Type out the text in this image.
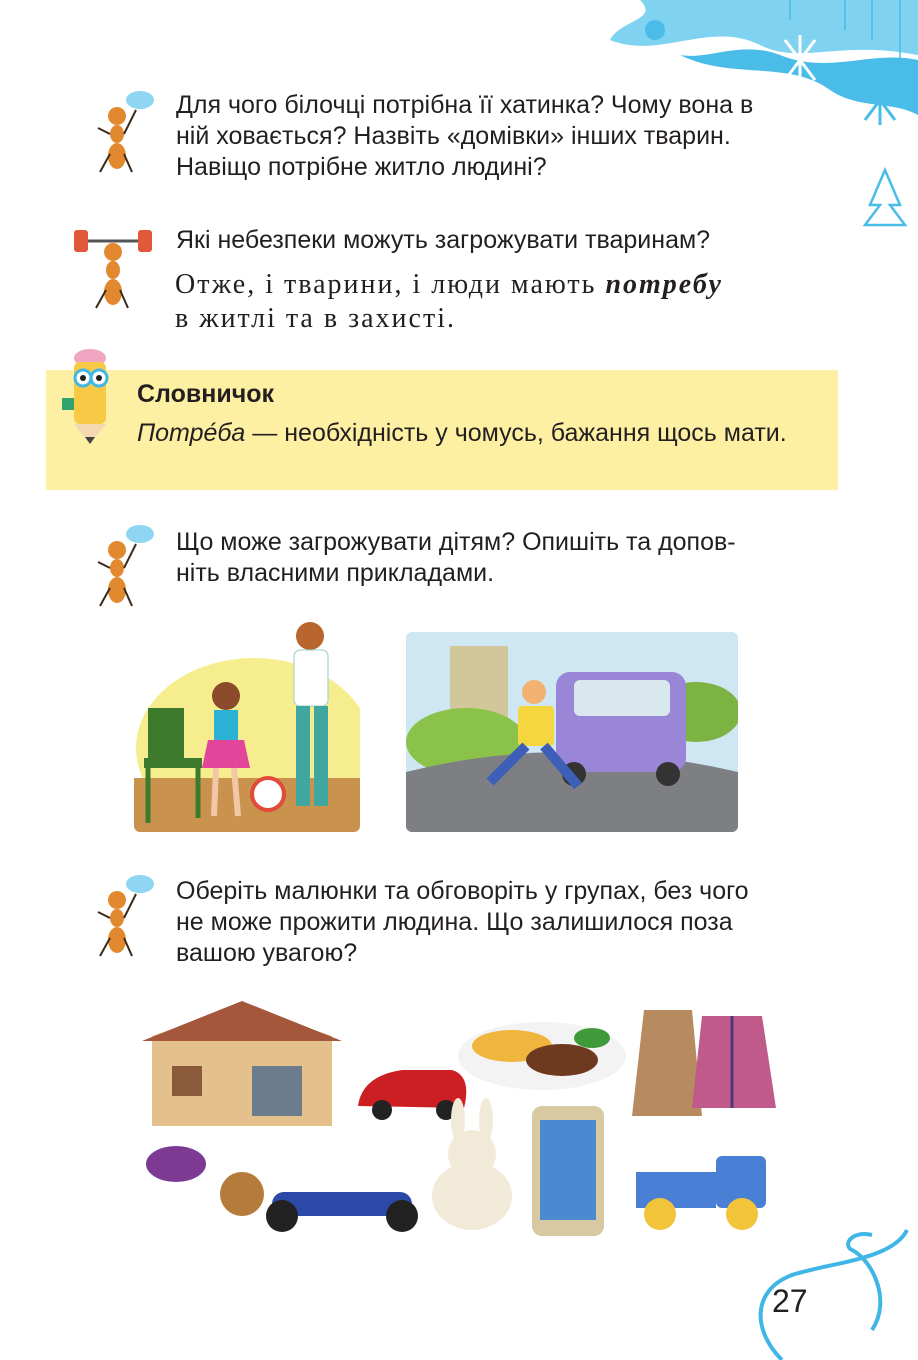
Для чого білочці потрібна її хатинка? Чому вона в
ній ховається? Назвіть «домівки» інших тварин.
Навіщо потрібне житло людині?
Які небезпеки можуть загрожувати тваринам?
Отже, і тварини, і люди мають потребу
в житлі та в захисті.
Словничок
Потре́ба — необхідність у чомусь, бажання щось мати.
Що може загрожувати дітям? Опишіть та допов-
ніть власними прикладами.
Оберіть малюнки та обговоріть у групах, без чого
не може прожити людина. Що залишилося поза
вашою увагою?
27
